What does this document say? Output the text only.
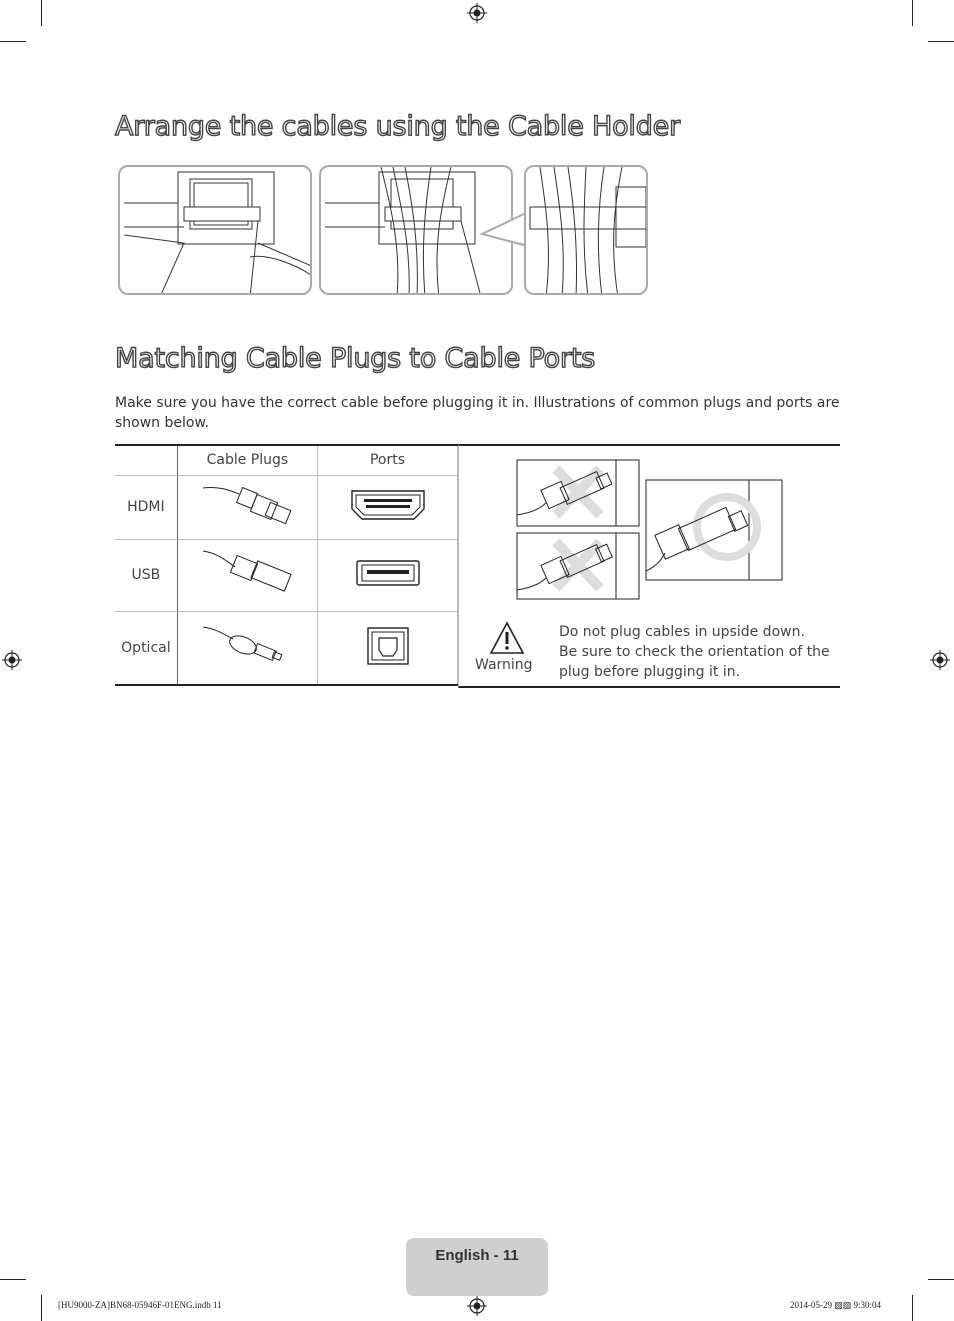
Arrange the cables using the Cable Holder
Matching Cable Plugs to Cable Ports

Make sure you have the correct cable before plugging it in. Illustrations of common plugs and ports are shown below.

	Cable Plugs	Ports
HDMI		
USB		
Optical		
Warning
Do not plug cables in upside down.
Be sure to check the orientation of the plug before plugging it in.
English - 11
[HU9000-ZA]BN68-05946F-01ENG.indb 11	2014-05-29 ▨▨ 9:30:04
